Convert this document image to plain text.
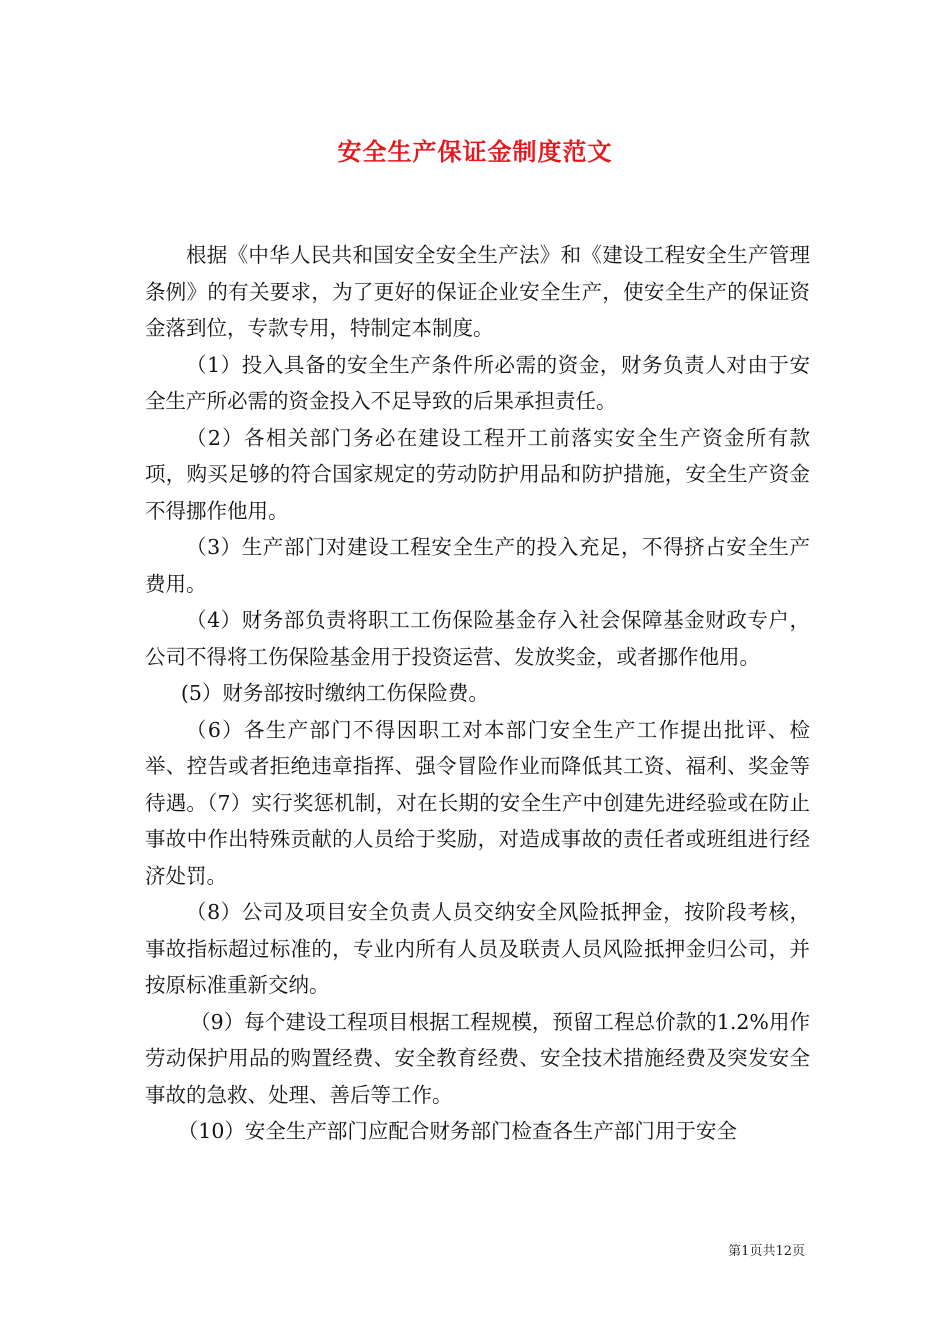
安全生产保证金制度范文

根据《中华人民共和国安全安全生产法》和《建设工程安全生产管理条例》的有关要求，为了更好的保证企业安全生产，使安全生产的保证资金落到位，专款专用，特制定本制度。

（1）投入具备的安全生产条件所必需的资金，财务负责人对由于安全生产所必需的资金投入不足导致的后果承担责任。

（2）各相关部门务必在建设工程开工前落实安全生产资金所有款项，购买足够的符合国家规定的劳动防护用品和防护措施，安全生产资金不得挪作他用。

（3）生产部门对建设工程安全生产的投入充足，不得挤占安全生产费用。

（4）财务部负责将职工工伤保险基金存入社会保障基金财政专户，公司不得将工伤保险基金用于投资运营、发放奖金，或者挪作他用。

(5）财务部按时缴纳工伤保险费。

（6）各生产部门不得因职工对本部门安全生产工作提出批评、检举、控告或者拒绝违章指挥、强令冒险作业而降低其工资、福利、奖金等待遇。（7）实行奖惩机制，对在长期的安全生产中创建先进经验或在防止事故中作出特殊贡献的人员给于奖励，对造成事故的责任者或班组进行经济处罚。

（8）公司及项目安全负责人员交纳安全风险抵押金，按阶段考核，事故指标超过标准的，专业内所有人员及联责人员风险抵押金归公司，并按原标准重新交纳。

（9）每个建设工程项目根据工程规模，预留工程总价款的1.2%用作劳动保护用品的购置经费、安全教育经费、安全技术措施经费及突发安全事故的急救、处理、善后等工作。

（10）安全生产部门应配合财务部门检查各生产部门用于安全

第1页共12页
